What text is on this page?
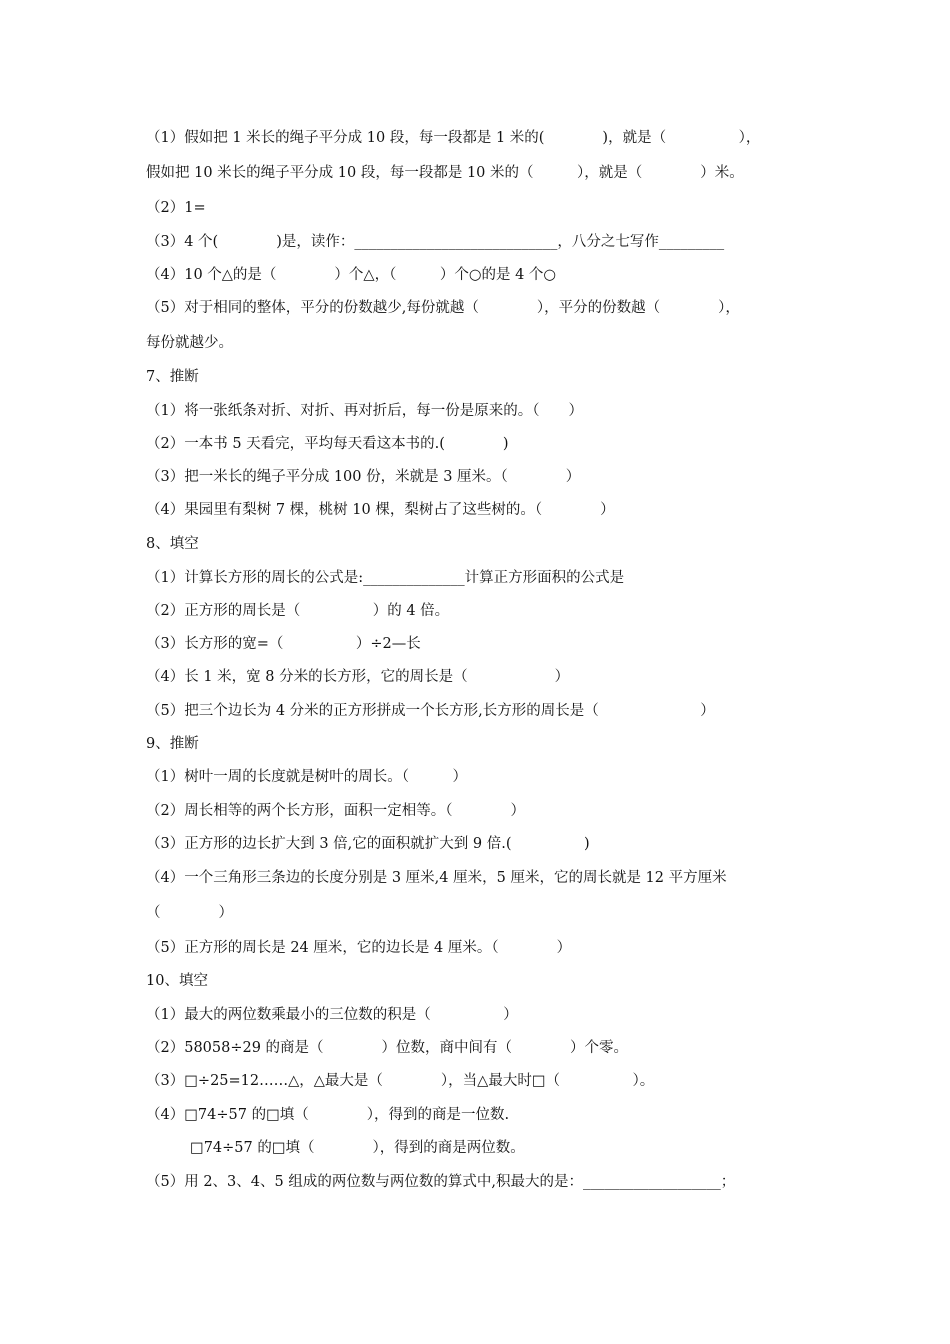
（1）假如把 1 米长的绳子平分成 10 段，每一段都是 1 米的(　　　　)，就是（　　　　　），
假如把 10 米长的绳子平分成 10 段，每一段都是 10 米的（　　　），就是（　　　　）米。
（2）1=
（3）4 个(　　　　)是，读作：____________________________，八分之七写作_________
（4）10 个△的是（　　　　）个△，（　　　）个○的是 4 个○
（5）对于相同的整体，平分的份数越少,每份就越（　　　　），平分的份数越（　　　　），
每份就越少。
7、推断
（1）将一张纸条对折、对折、再对折后，每一份是原来的。（　　）
（2）一本书 5 天看完，平均每天看这本书的.(　　　　)
（3）把一米长的绳子平分成 100 份，米就是 3 厘米。（　　　　）
（4）果园里有梨树 7 棵，桃树 10 棵，梨树占了这些树的。（　　　　）
8、填空
（1）计算长方形的周长的公式是:______________计算正方形面积的公式是
（2）正方形的周长是（　　　　　）的 4 倍。
（3）长方形的宽=（　　　　　）÷2—长
（4）长 1 米，宽 8 分米的长方形，它的周长是（　　　　　　）
（5）把三个边长为 4 分米的正方形拼成一个长方形,长方形的周长是（　　　　　　　）
9、推断
（1）树叶一周的长度就是树叶的周长。（　　　）
（2）周长相等的两个长方形，面积一定相等。（　　　　）
（3）正方形的边长扩大到 3 倍,它的面积就扩大到 9 倍.(　　　　　)
（4）一个三角形三条边的长度分别是 3 厘米,4 厘米，5 厘米，它的周长就是 12 平方厘米
（　　　　）
（5）正方形的周长是 24 厘米，它的边长是 4 厘米。（　　　　）
10、填空
（1）最大的两位数乘最小的三位数的积是（　　　　　）
（2）58058÷29 的商是（　　　　）位数，商中间有（　　　　）个零。
（3）□÷25=12……△，△最大是（　　　　），当△最大时□（　　　　　）。
（4）□74÷57 的□填（　　　　），得到的商是一位数.
□74÷57 的□填（　　　　），得到的商是两位数。
（5）用 2、3、4、5 组成的两位数与两位数的算式中,积最大的是：___________________；
